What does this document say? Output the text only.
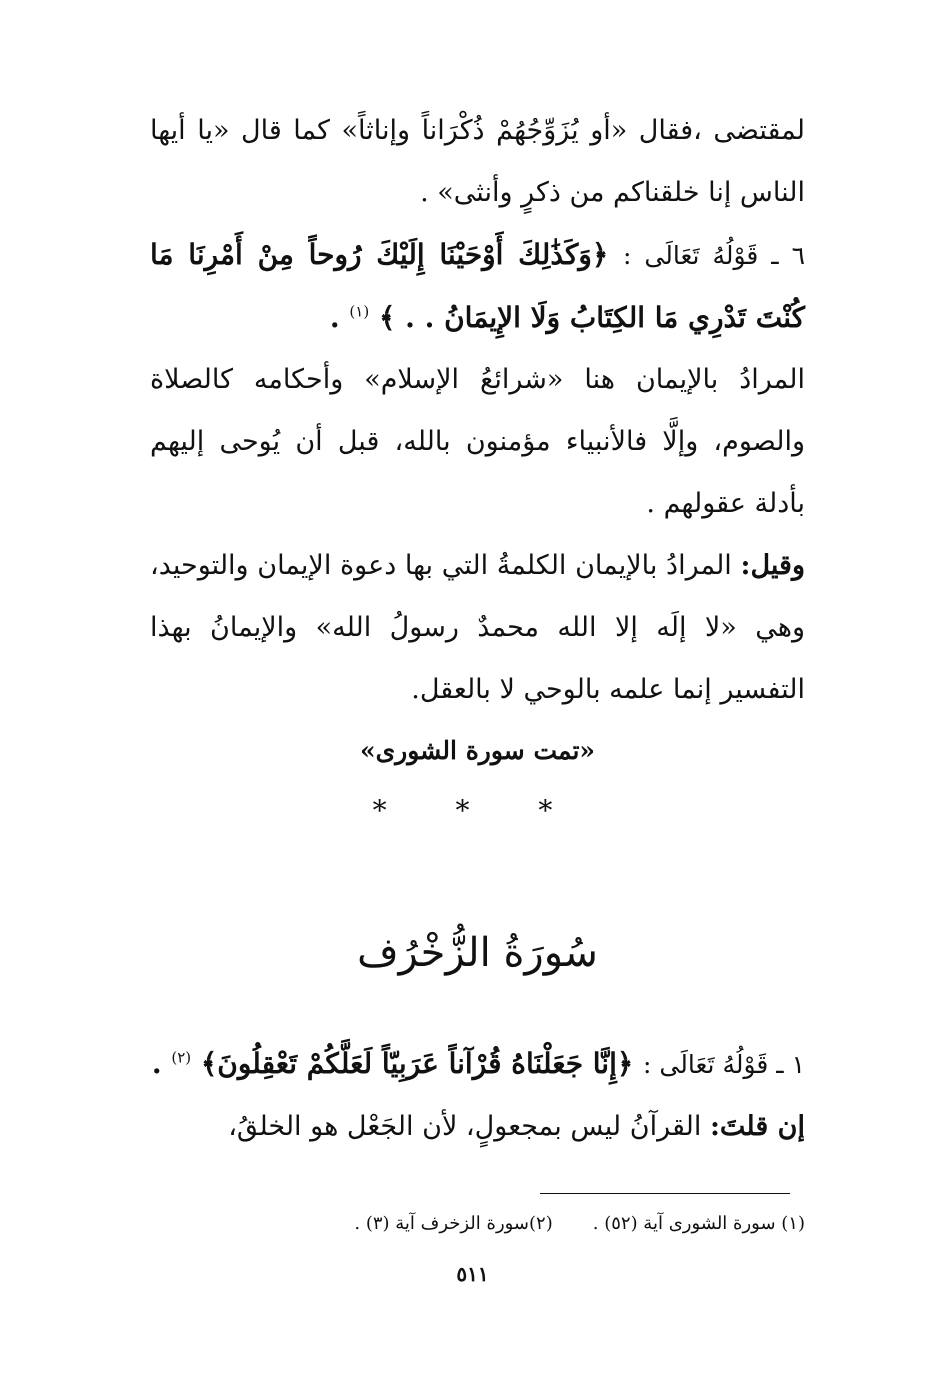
لمقتضى ،فقال «أو يُزَوِّجُهُمْ ذُكْرَاناً وإناثاً» كما قال «يا أيها الناس إنا خلقناكم من ذكرٍ وأنثى» .

٦ ـ قَوْلُهُ تَعَالَى : ﴿وَكَذَٰلِكَ أَوْحَيْنَا إِلَيْكَ رُوحاً مِنْ أَمْرِنَا مَا كُنْتَ تَدْرِي مَا الكِتَابُ وَلَا الإِيمَانُ . . ﴾ $^{(١)}$ .

المرادُ بالإيمان هنا «شرائعُ الإسلام» وأحكامه كالصلاة والصوم، وإلَّا فالأنبياء مؤمنون بالله، قبل أن يُوحى إليهم بأدلة عقولهم .

وقيل: المرادُ بالإيمان الكلمةُ التي بها دعوة الإيمان والتوحيد، وهي «لا إلَه إلا الله محمدٌ رسولُ الله» والإيمانُ بهذا التفسير إنما علمه بالوحي لا بالعقل.

«تمت سورة الشورى»

* * *

سُورَةُ الزُّخْرُف

١ ـ قَوْلُهُ تَعَالَى : ﴿إِنَّا جَعَلْنَاهُ قُرْآناً عَرَبِيّاً لَعَلَّكُمْ تَعْقِلُونَ﴾ $^{(٢)}$ .

إن قلتَ: القرآنُ ليس بمجعولٍ، لأن الجَعْل هو الخلقُ،

(١) سورة الشورى آية (٥٢) .(٢)سورة الزخرف آية (٣) .
٥١١
